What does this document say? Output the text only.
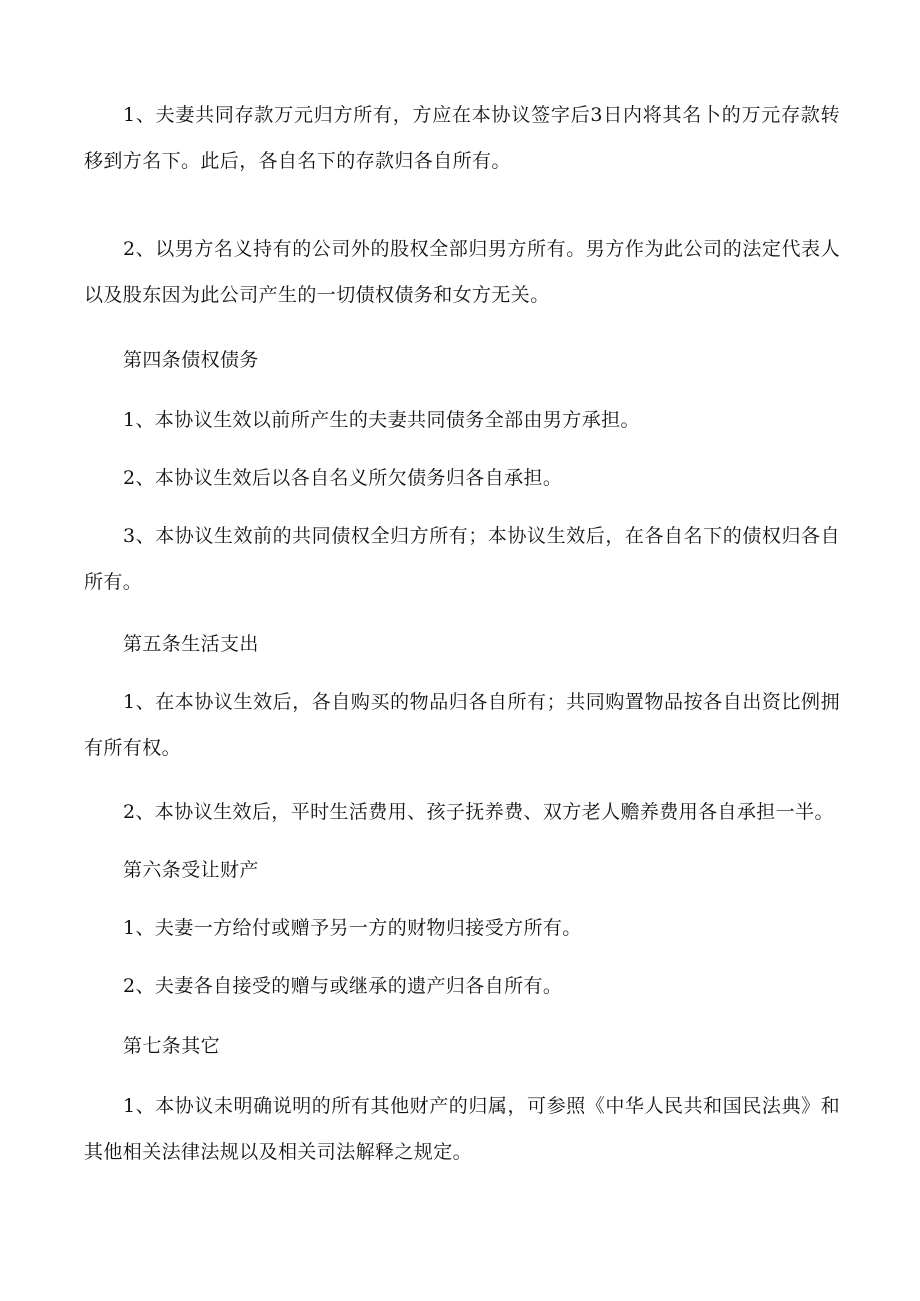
1、夫妻共同存款万元归方所有，方应在本协议签字后3日内将其名卜的万元存款转移到方名下。此后，各自名下的存款归各自所有。

2、以男方名义持有的公司外的股权全部归男方所有。男方作为此公司的法定代表人以及股东因为此公司产生的一切债权债务和女方无关。

第四条债权债务

1、本协议生效以前所产生的夫妻共同债务全部由男方承担。

2、本协议生效后以各自名义所欠债务归各自承担。

3、本协议生效前的共同债权全归方所有；本协议生效后，在各自名下的债权归各自所有。

第五条生活支出

1、在本协议生效后，各自购买的物品归各自所有；共同购置物品按各自出资比例拥有所有权。

2、本协议生效后，平时生活费用、孩子抚养费、双方老人赡养费用各自承担一半。

第六条受让财产

1、夫妻一方给付或赠予另一方的财物归接受方所有。

2、夫妻各自接受的赠与或继承的遗产归各自所有。

第七条其它

1、本协议未明确说明的所有其他财产的归属，可参照《中华人民共和国民法典》和其他相关法律法规以及相关司法解释之规定。
